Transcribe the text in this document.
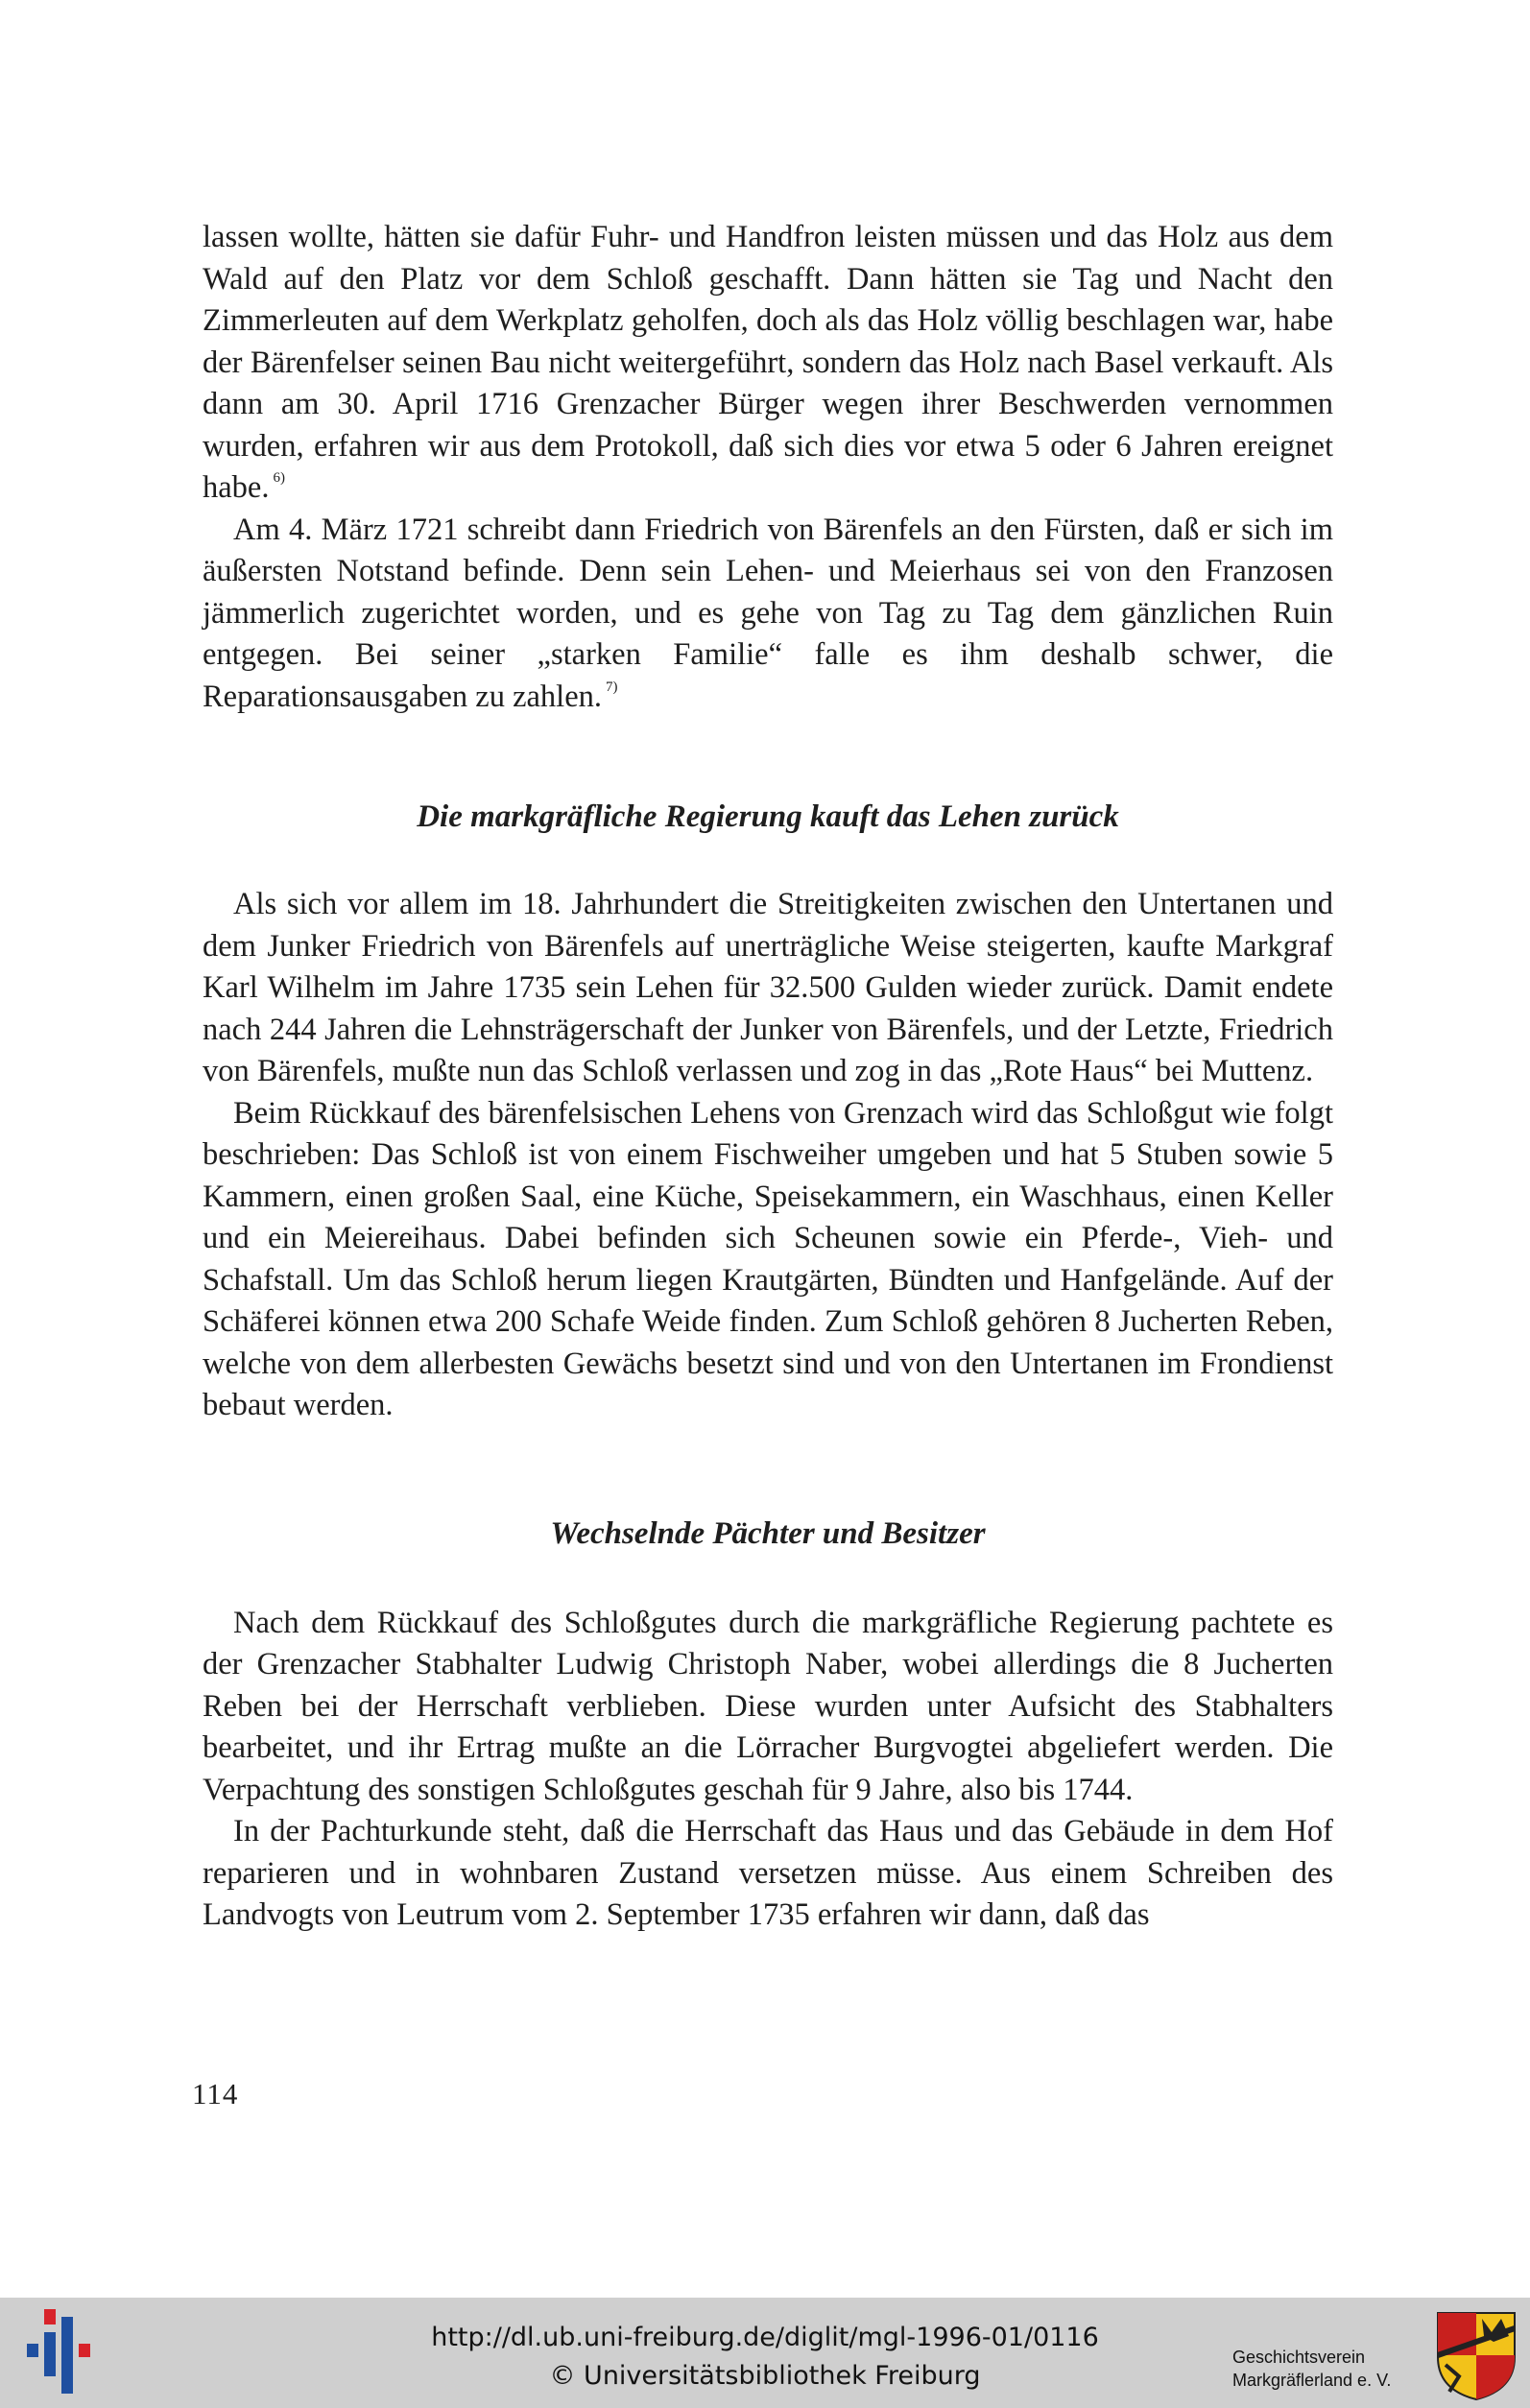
lassen wollte, hätten sie dafür Fuhr- und Handfron leisten müssen und das Holz aus dem Wald auf den Platz vor dem Schloß geschafft. Dann hätten sie Tag und Nacht den Zimmerleuten auf dem Werkplatz geholfen, doch als das Holz völlig beschlagen war, habe der Bärenfelser seinen Bau nicht weitergeführt, sondern das Holz nach Basel verkauft. Als dann am 30. April 1716 Grenzacher Bürger wegen ihrer Beschwerden vernommen wurden, erfahren wir aus dem Protokoll, daß sich dies vor etwa 5 oder 6 Jahren ereignet habe. $^{6)}$

Am 4. März 1721 schreibt dann Friedrich von Bärenfels an den Fürsten, daß er sich im äußersten Notstand befinde. Denn sein Lehen- und Meierhaus sei von den Franzosen jämmerlich zugerichtet worden, und es gehe von Tag zu Tag dem gänzlichen Ruin entgegen. Bei seiner „starken Familie“ falle es ihm deshalb schwer, die Reparationsausgaben zu zahlen. $^{7)}$

Die markgräfliche Regierung kauft das Lehen zurück

Als sich vor allem im 18. Jahrhundert die Streitigkeiten zwischen den Untertanen und dem Junker Friedrich von Bärenfels auf unerträgliche Weise steigerten, kaufte Markgraf Karl Wilhelm im Jahre 1735 sein Lehen für 32.500 Gulden wieder zurück. Damit endete nach 244 Jahren die Lehnsträgerschaft der Junker von Bärenfels, und der Letzte, Friedrich von Bärenfels, mußte nun das Schloß verlassen und zog in das „Rote Haus“ bei Muttenz.

Beim Rückkauf des bärenfelsischen Lehens von Grenzach wird das Schloßgut wie folgt beschrieben: Das Schloß ist von einem Fischweiher umgeben und hat 5 Stuben sowie 5 Kammern, einen großen Saal, eine Küche, Speisekammern, ein Waschhaus, einen Keller und ein Meiereihaus. Dabei befinden sich Scheunen sowie ein Pferde-, Vieh- und Schafstall. Um das Schloß herum liegen Krautgärten, Bündten und Hanfgelände. Auf der Schäferei können etwa 200 Schafe Weide finden. Zum Schloß gehören 8 Jucherten Reben, welche von dem allerbesten Gewächs besetzt sind und von den Untertanen im Frondienst bebaut werden.

Wechselnde Pächter und Besitzer

Nach dem Rückkauf des Schloßgutes durch die markgräfliche Regierung pachtete es der Grenzacher Stabhalter Ludwig Christoph Naber, wobei allerdings die 8 Jucherten Reben bei der Herrschaft verblieben. Diese wurden unter Aufsicht des Stabhalters bearbeitet, und ihr Ertrag mußte an die Lörracher Burgvogtei abgeliefert werden. Die Verpachtung des sonstigen Schloßgutes geschah für 9 Jahre, also bis 1744.

In der Pachturkunde steht, daß die Herrschaft das Haus und das Gebäude in dem Hof reparieren und in wohnbaren Zustand versetzen müsse. Aus einem Schreiben des Landvogts von Leutrum vom 2. September 1735 erfahren wir dann, daß das

114
http://dl.ub.uni-freiburg.de/diglit/mgl-1996-01/0116
© Universitätsbibliothek Freiburg
Geschichtsverein
Markgräflerland e. V.
